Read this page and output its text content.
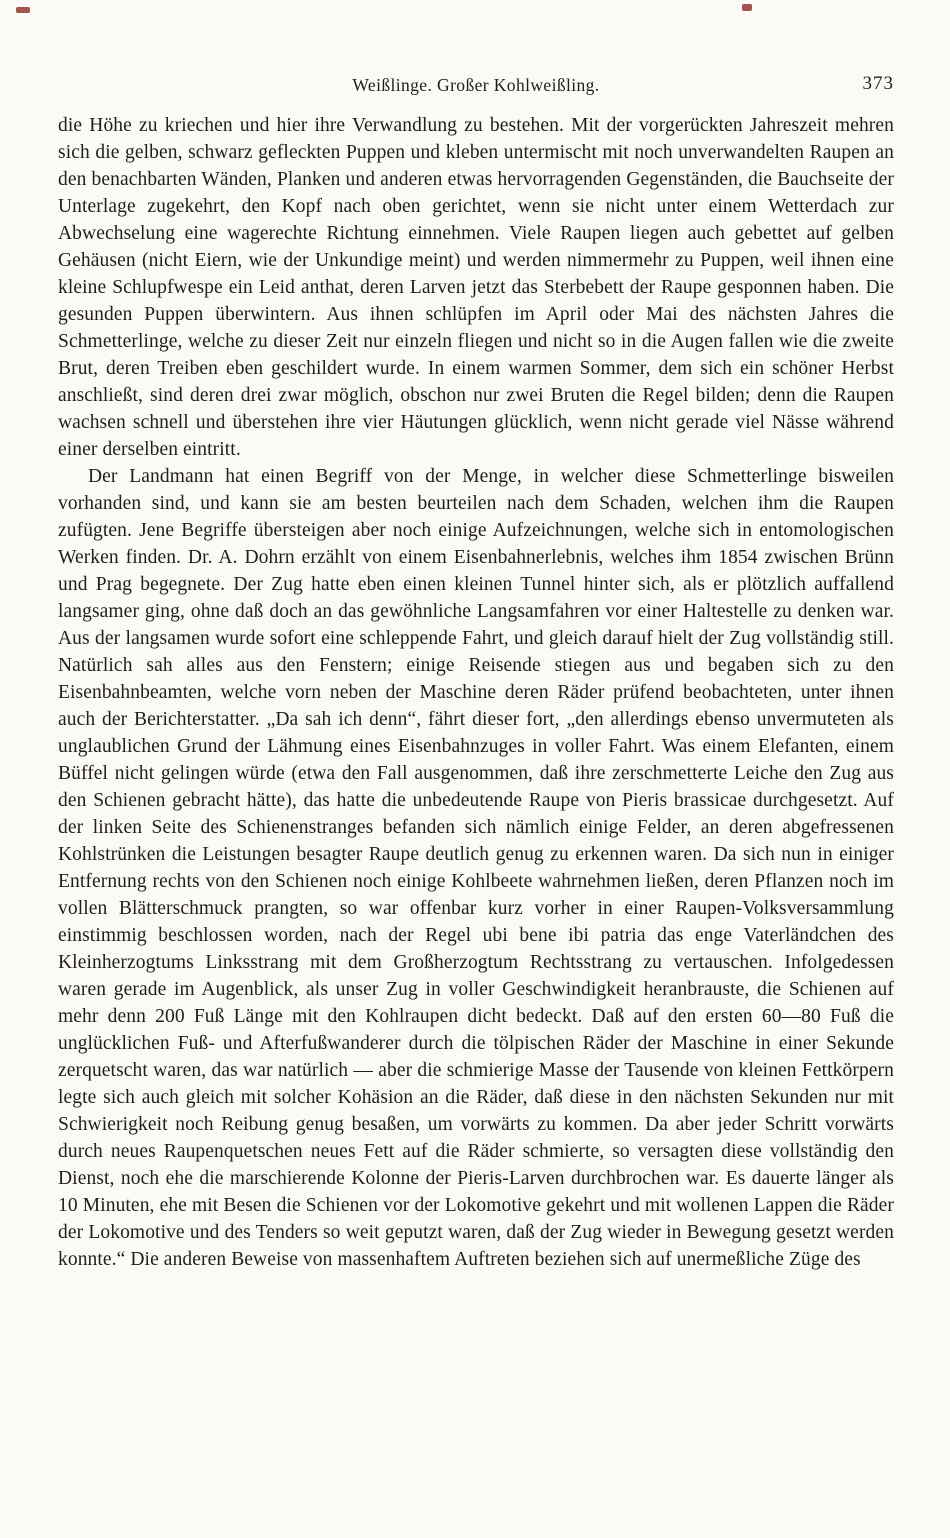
Weißlinge. Großer Kohlweißling.	373

die Höhe zu kriechen und hier ihre Verwandlung zu bestehen. Mit der vorgerückten Jahreszeit mehren sich die gelben, schwarz gefleckten Puppen und kleben untermischt mit noch unverwandelten Raupen an den benachbarten Wänden, Planken und anderen etwas hervorragenden Gegenständen, die Bauchseite der Unterlage zugekehrt, den Kopf nach oben gerichtet, wenn sie nicht unter einem Wetterdach zur Abwechselung eine wagerechte Richtung einnehmen. Viele Raupen liegen auch gebettet auf gelben Gehäusen (nicht Eiern, wie der Unkundige meint) und werden nimmermehr zu Puppen, weil ihnen eine kleine Schlupfwespe ein Leid anthat, deren Larven jetzt das Sterbebett der Raupe gesponnen haben. Die gesunden Puppen überwintern. Aus ihnen schlüpfen im April oder Mai des nächsten Jahres die Schmetterlinge, welche zu dieser Zeit nur einzeln fliegen und nicht so in die Augen fallen wie die zweite Brut, deren Treiben eben geschildert wurde. In einem warmen Sommer, dem sich ein schöner Herbst anschließt, sind deren drei zwar möglich, obschon nur zwei Bruten die Regel bilden; denn die Raupen wachsen schnell und überstehen ihre vier Häutungen glücklich, wenn nicht gerade viel Nässe während einer derselben eintritt.

Der Landmann hat einen Begriff von der Menge, in welcher diese Schmetterlinge bisweilen vorhanden sind, und kann sie am besten beurteilen nach dem Schaden, welchen ihm die Raupen zufügten. Jene Begriffe übersteigen aber noch einige Aufzeichnungen, welche sich in entomologischen Werken finden. Dr. A. Dohrn erzählt von einem Eisenbahnerlebnis, welches ihm 1854 zwischen Brünn und Prag begegnete. Der Zug hatte eben einen kleinen Tunnel hinter sich, als er plötzlich auffallend langsamer ging, ohne daß doch an das gewöhnliche Langsamfahren vor einer Haltestelle zu denken war. Aus der langsamen wurde sofort eine schleppende Fahrt, und gleich darauf hielt der Zug vollständig still. Natürlich sah alles aus den Fenstern; einige Reisende stiegen aus und begaben sich zu den Eisenbahnbeamten, welche vorn neben der Maschine deren Räder prüfend beobachteten, unter ihnen auch der Berichterstatter. „Da sah ich denn“, fährt dieser fort, „den allerdings ebenso unvermuteten als unglaublichen Grund der Lähmung eines Eisenbahnzuges in voller Fahrt. Was einem Elefanten, einem Büffel nicht gelingen würde (etwa den Fall ausgenommen, daß ihre zerschmetterte Leiche den Zug aus den Schienen gebracht hätte), das hatte die unbedeutende Raupe von Pieris brassicae durchgesetzt. Auf der linken Seite des Schienenstranges befanden sich nämlich einige Felder, an deren abgefressenen Kohlstrünken die Leistungen besagter Raupe deutlich genug zu erkennen waren. Da sich nun in einiger Entfernung rechts von den Schienen noch einige Kohlbeete wahrnehmen ließen, deren Pflanzen noch im vollen Blätterschmuck prangten, so war offenbar kurz vorher in einer Raupen-Volksversammlung einstimmig beschlossen worden, nach der Regel ubi bene ibi patria das enge Vaterländchen des Kleinherzogtums Linksstrang mit dem Großherzogtum Rechtsstrang zu vertauschen. Infolgedessen waren gerade im Augenblick, als unser Zug in voller Geschwindigkeit heranbrauste, die Schienen auf mehr denn 200 Fuß Länge mit den Kohlraupen dicht bedeckt. Daß auf den ersten 60—80 Fuß die unglücklichen Fuß- und Afterfußwanderer durch die tölpischen Räder der Maschine in einer Sekunde zerquetscht waren, das war natürlich — aber die schmierige Masse der Tausende von kleinen Fettkörpern legte sich auch gleich mit solcher Kohäsion an die Räder, daß diese in den nächsten Sekunden nur mit Schwierigkeit noch Reibung genug besaßen, um vorwärts zu kommen. Da aber jeder Schritt vorwärts durch neues Raupenquetschen neues Fett auf die Räder schmierte, so versagten diese vollständig den Dienst, noch ehe die marschierende Kolonne der Pieris-Larven durchbrochen war. Es dauerte länger als 10 Minuten, ehe mit Besen die Schienen vor der Lokomotive gekehrt und mit wollenen Lappen die Räder der Lokomotive und des Tenders so weit geputzt waren, daß der Zug wieder in Bewegung gesetzt werden konnte.“ Die anderen Beweise von massenhaftem Auftreten beziehen sich auf unermeßliche Züge des
